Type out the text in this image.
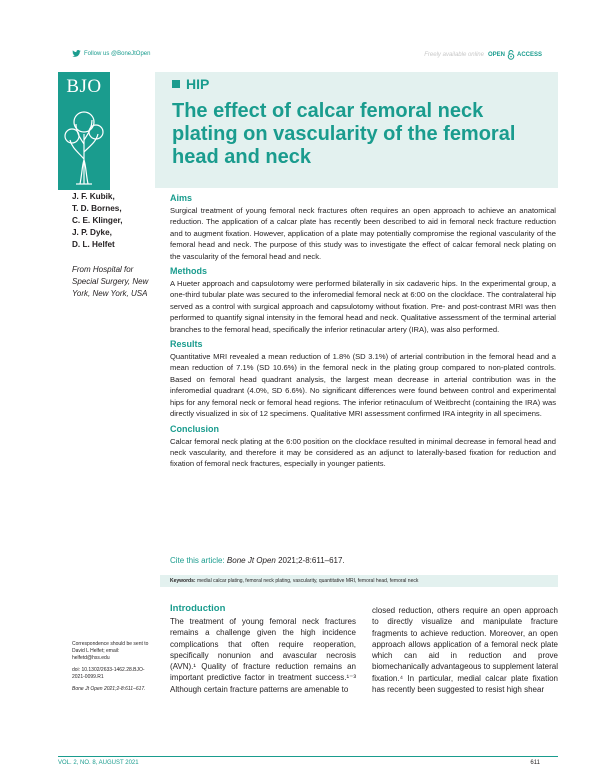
Follow us @BoneJtOpen	Freely available online OPEN ACCESS
BJO	HIP
The effect of calcar femoral neck plating on vascularity of the femoral head and neck
J. F. Kubik,
T. D. Bornes,
C. E. Klinger,
J. P. Dyke,
D. L. Helfet
From Hospital for Special Surgery, New York, New York, USA
Aims

Surgical treatment of young femoral neck fractures often requires an open approach to achieve an anatomical reduction. The application of a calcar plate has recently been described to aid in femoral neck fracture reduction and to augment fixation. However, application of a plate may potentially compromise the regional vascularity of the femoral head and neck. The purpose of this study was to investigate the effect of calcar femoral neck plating on the vascularity of the femoral head and neck.

Methods

A Hueter approach and capsulotomy were performed bilaterally in six cadaveric hips. In the experimental group, a one-third tubular plate was secured to the inferomedial femoral neck at 6:00 on the clockface. The contralateral hip served as a control with surgical approach and capsulotomy without fixation. Pre- and post-contrast MRI was then performed to quantify signal intensity in the femoral head and neck. Qualitative assessment of the terminal arterial branches to the femoral head, specifically the inferior retinacular artery (IRA), was also performed.

Results

Quantitative MRI revealed a mean reduction of 1.8% (SD 3.1%) of arterial contribution in the femoral head and a mean reduction of 7.1% (SD 10.6%) in the femoral neck in the plating group compared to non-plated controls. Based on femoral head quadrant analysis, the largest mean decrease in arterial contribution was in the inferomedial quadrant (4.0%, SD 6.6%). No significant differences were found between control and experimental hips for any femoral neck or femoral head regions. The inferior retinaculum of Weitbrecht (containing the IRA) was directly visualized in six of 12 specimens. Qualitative MRI assessment confirmed IRA integrity in all specimens.

Conclusion

Calcar femoral neck plating at the 6:00 position on the clockface resulted in minimal decrease in femoral head and neck vascularity, and therefore it may be considered as an adjunct to laterally-based fixation for reduction and fixation of femoral neck fractures, especially in younger patients.

Cite this article: Bone Jt Open 2021;2-8:611–617.
Keywords: medial calcar plating, femoral neck plating, vascularity, quantitative MRI, femoral head, femoral neck

Correspondence should be sent to David L Helfet; email: helfetd@hss.edu

doi: 10.1302/2633-1462.28.BJO-2021-0099.R1

Bone Jt Open 2021;2-8:611–617.

Introduction

The treatment of young femoral neck fractures remains a challenge given the high incidence complications that often require reoperation, specifically nonunion and avascular necrosis (AVN).¹ Quality of fracture reduction remains an important predictive factor in treatment success.¹⁻³ Although certain fracture patterns are amenable to

closed reduction, others require an open approach to directly visualize and manipulate fracture fragments to achieve reduction. Moreover, an open approach allows application of a femoral neck plate which can aid in reduction and prove biomechanically advantageous to supplement lateral fixation.⁴ In particular, medial calcar plate fixation has recently been suggested to resist high shear

VOL. 2, NO. 8, AUGUST 2021	611
